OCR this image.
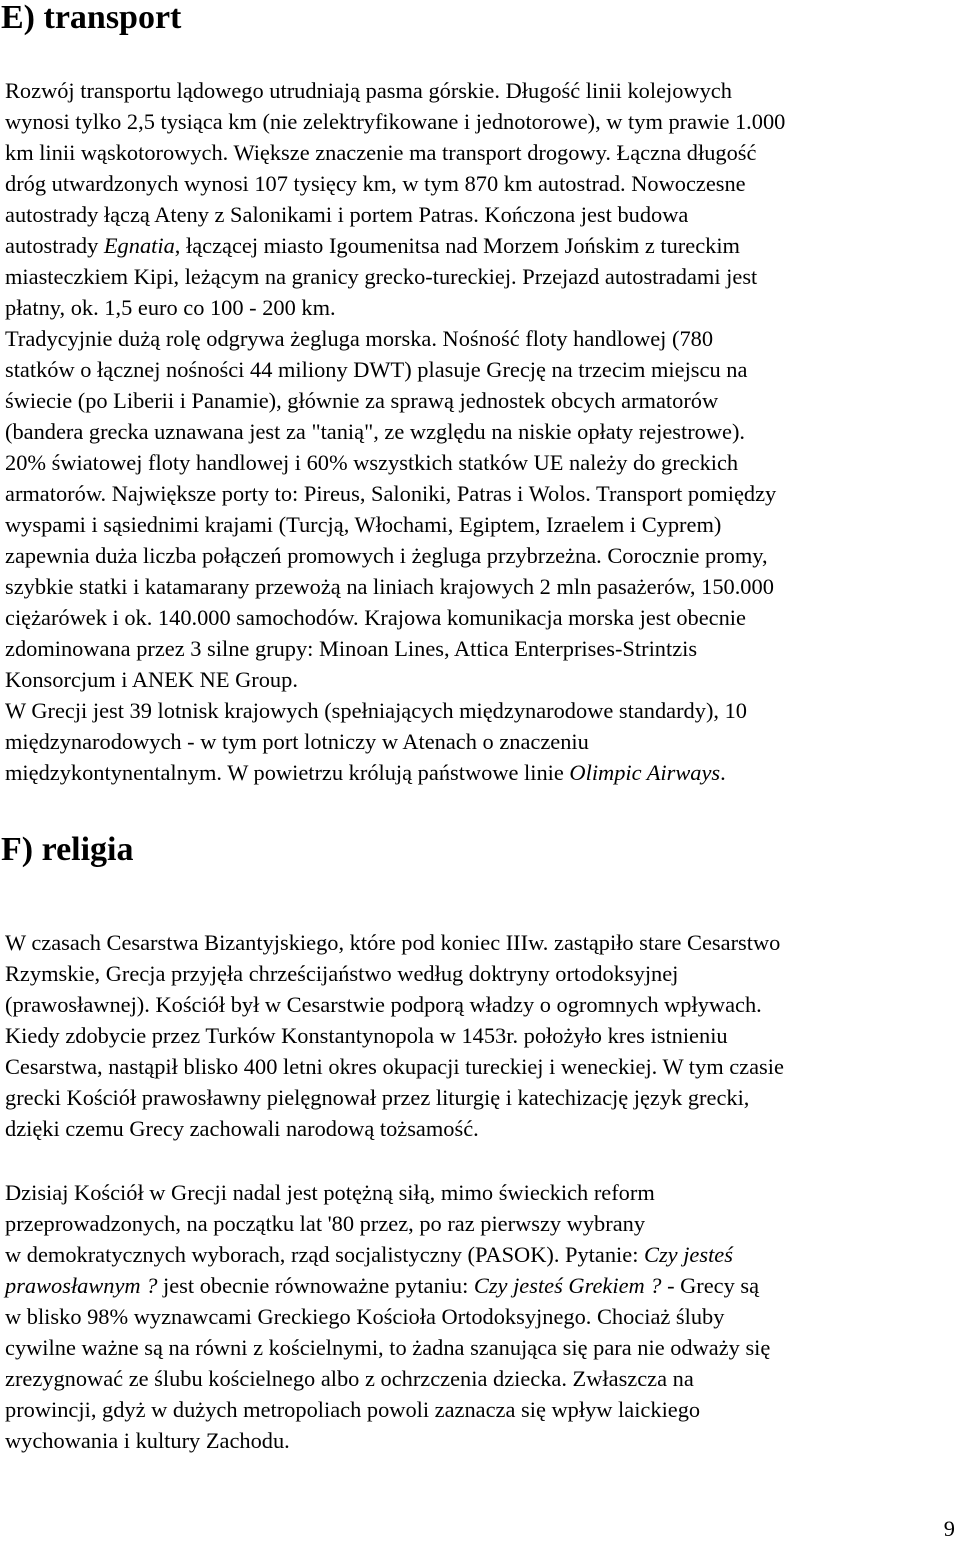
E) transport
Rozwój transportu lądowego utrudniają pasma górskie. Długość linii kolejowych
wynosi tylko 2,5 tysiąca km (nie zelektryfikowane i jednotorowe), w tym prawie 1.000
km linii wąskotorowych. Większe znaczenie ma transport drogowy. Łączna długość
dróg utwardzonych wynosi 107 tysięcy km, w tym 870 km autostrad. Nowoczesne
autostrady łączą Ateny z Salonikami i portem Patras. Kończona jest budowa
autostrady Egnatia, łączącej miasto Igoumenitsa nad Morzem Jońskim z tureckim
miasteczkiem Kipi, leżącym na granicy grecko-tureckiej. Przejazd autostradami jest
płatny, ok. 1,5 euro co 100 - 200 km.
Tradycyjnie dużą rolę odgrywa żegluga morska. Nośność floty handlowej (780
statków o łącznej nośności 44 miliony DWT) plasuje Grecję na trzecim miejscu na
świecie (po Liberii i Panamie), głównie za sprawą jednostek obcych armatorów
(bandera grecka uznawana jest za "tanią", ze względu na niskie opłaty rejestrowe).
20% światowej floty handlowej i 60% wszystkich statków UE należy do greckich
armatorów. Największe porty to: Pireus, Saloniki, Patras i Wolos. Transport pomiędzy
wyspami i sąsiednimi krajami (Turcją, Włochami, Egiptem, Izraelem i Cyprem)
zapewnia duża liczba połączeń promowych i żegluga przybrzeżna. Corocznie promy,
szybkie statki i katamarany przewożą na liniach krajowych 2 mln pasażerów, 150.000
ciężarówek i ok. 140.000 samochodów. Krajowa komunikacja morska jest obecnie
zdominowana przez 3 silne grupy: Minoan Lines, Attica Enterprises-Strintzis
Konsorcjum i ANEK NE Group.
W Grecji jest 39 lotnisk krajowych (spełniających międzynarodowe standardy), 10
międzynarodowych - w tym port lotniczy w Atenach o znaczeniu
międzykontynentalnym. W powietrzu królują państwowe linie Olimpic Airways.
F) religia
W czasach Cesarstwa Bizantyjskiego, które pod koniec IIIw. zastąpiło stare Cesarstwo
Rzymskie, Grecja przyjęła chrześcijaństwo według doktryny ortodoksyjnej
(prawosławnej). Kościół był w Cesarstwie podporą władzy o ogromnych wpływach.
Kiedy zdobycie przez Turków Konstantynopola w 1453r. położyło kres istnieniu
Cesarstwa, nastąpił blisko 400 letni okres okupacji tureckiej i weneckiej. W tym czasie
grecki Kościół prawosławny pielęgnował przez liturgię i katechizację język grecki,
dzięki czemu Grecy zachowali narodową tożsamość.
Dzisiaj Kościół w Grecji nadal jest potężną siłą, mimo świeckich reform
przeprowadzonych, na początku lat '80 przez, po raz pierwszy wybrany
w demokratycznych wyborach, rząd socjalistyczny (PASOK). Pytanie: Czy jesteś
prawosławnym ? jest obecnie równoważne pytaniu: Czy jesteś Grekiem ? - Grecy są
w blisko 98% wyznawcami Greckiego Kościoła Ortodoksyjnego. Chociaż śluby
cywilne ważne są na równi z kościelnymi, to żadna szanująca się para nie odważy się
zrezygnować ze ślubu kościelnego albo z ochrzczenia dziecka. Zwłaszcza na
prowincji, gdyż w dużych metropoliach powoli zaznacza się wpływ laickiego
wychowania i kultury Zachodu.
9
